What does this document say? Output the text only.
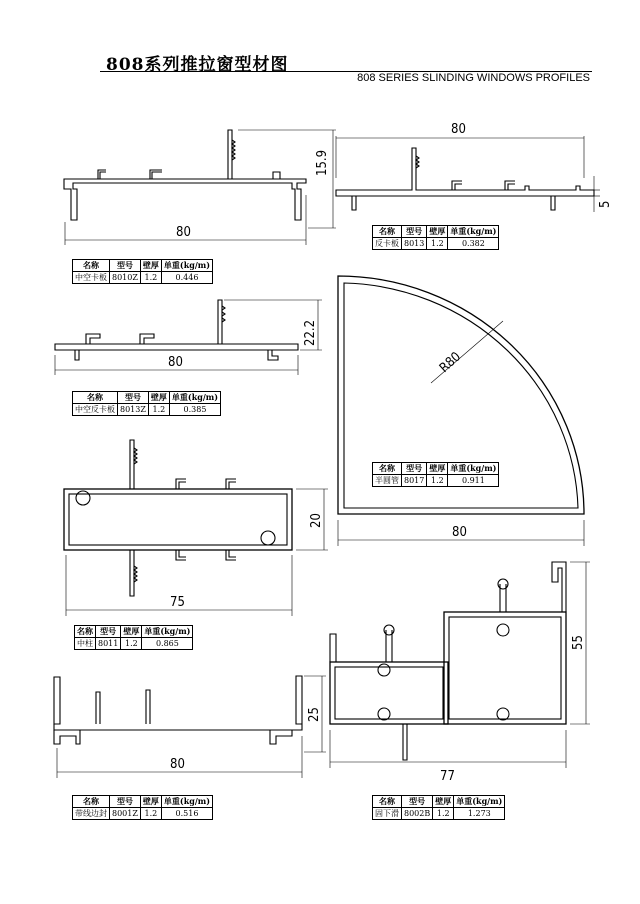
808系列推拉窗型材图
808 SERIES SLINDING WINDOWS PROFILES
80
15.9
80
5
80
22.2
80
R80
75
20
80
25
77
55
名称	型号	壁厚	单重(kg/m)
中空卡板	8010Z	1.2	0.446
名称	型号	壁厚	单重(kg/m)
反卡板	8013	1.2	0.382
名称	型号	壁厚	单重(kg/m)
中空反卡板	8013Z	1.2	0.385
名称	型号	壁厚	单重(kg/m)
半圆管	8017	1.2	0.911
名称	型号	壁厚	单重(kg/m)
中柱	8011	1.2	0.865
名称	型号	壁厚	单重(kg/m)
带线边封	8001Z	1.2	0.516
名称	型号	壁厚	单重(kg/m)
固下滑	8002B	1.2	1.273
